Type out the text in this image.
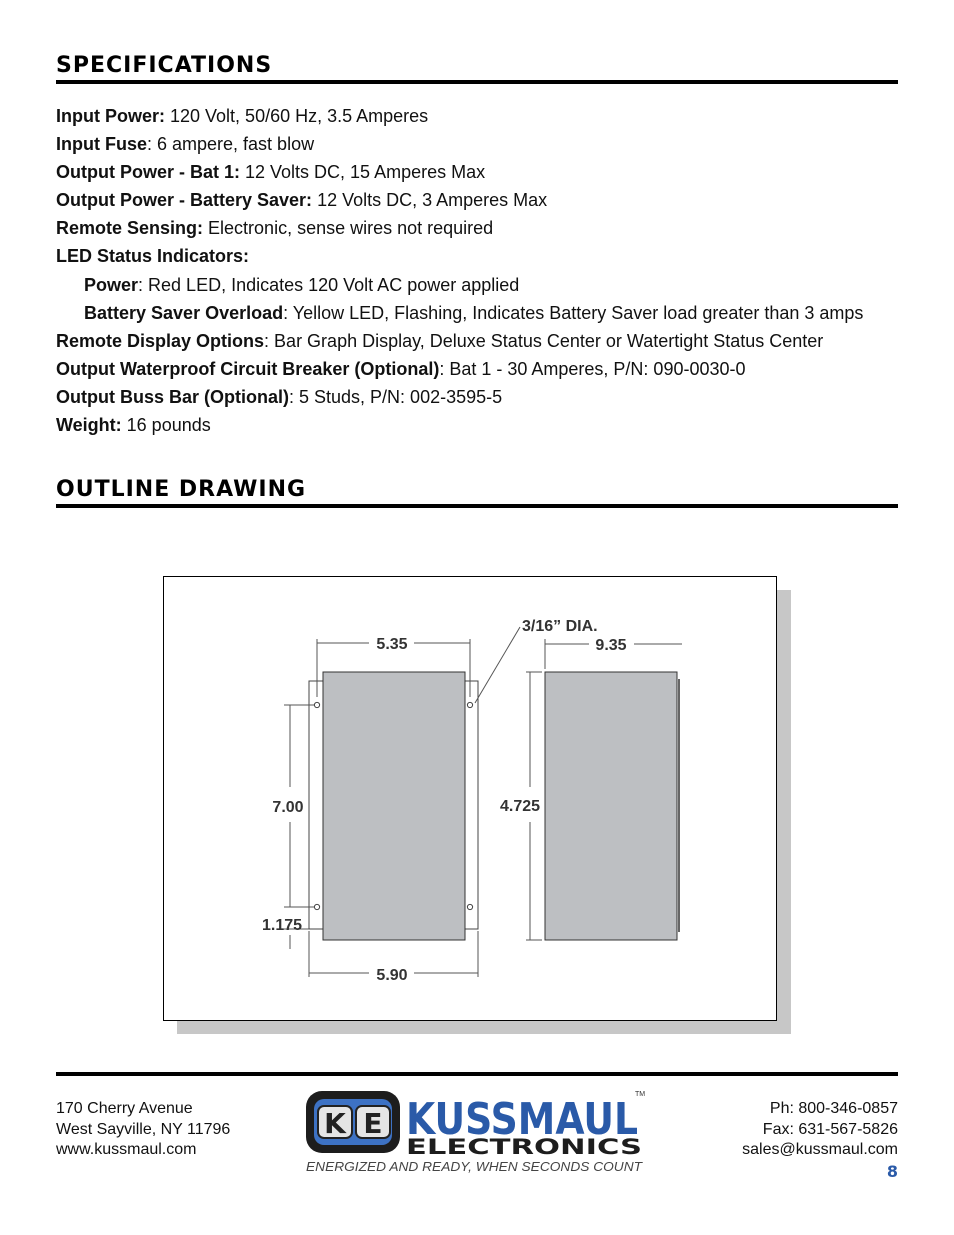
SPECIFICATIONS
Input Power: 120 Volt, 50/60 Hz, 3.5 Amperes
Input Fuse: 6 ampere, fast blow
Output Power - Bat 1: 12 Volts DC, 15 Amperes Max
Output Power - Battery Saver: 12 Volts DC, 3 Amperes Max
Remote Sensing: Electronic, sense wires not required
LED Status Indicators:
Power: Red LED, Indicates 120 Volt AC power applied
Battery Saver Overload: Yellow LED, Flashing, Indicates Battery Saver load greater than 3 amps
Remote Display Options: Bar Graph Display, Deluxe Status Center or Watertight Status Center
Output Waterproof Circuit Breaker (Optional): Bat 1 - 30 Amperes, P/N: 090-0030-0
Output Buss Bar (Optional): 5 Studs, P/N: 002-3595-5
Weight: 16 pounds
OUTLINE DRAWING
5.35
3/16” DIA.
7.00
1.175
5.90
4.725
9.35
170 Cherry Avenue
West Sayville, NY 11796
www.kussmaul.com
K E KUSSMAUL
TM
ELECTRONICS
ENERGIZED AND READY, WHEN SECONDS COUNT
Ph: 800-346-0857
Fax: 631-567-5826
sales@kussmaul.com
8
